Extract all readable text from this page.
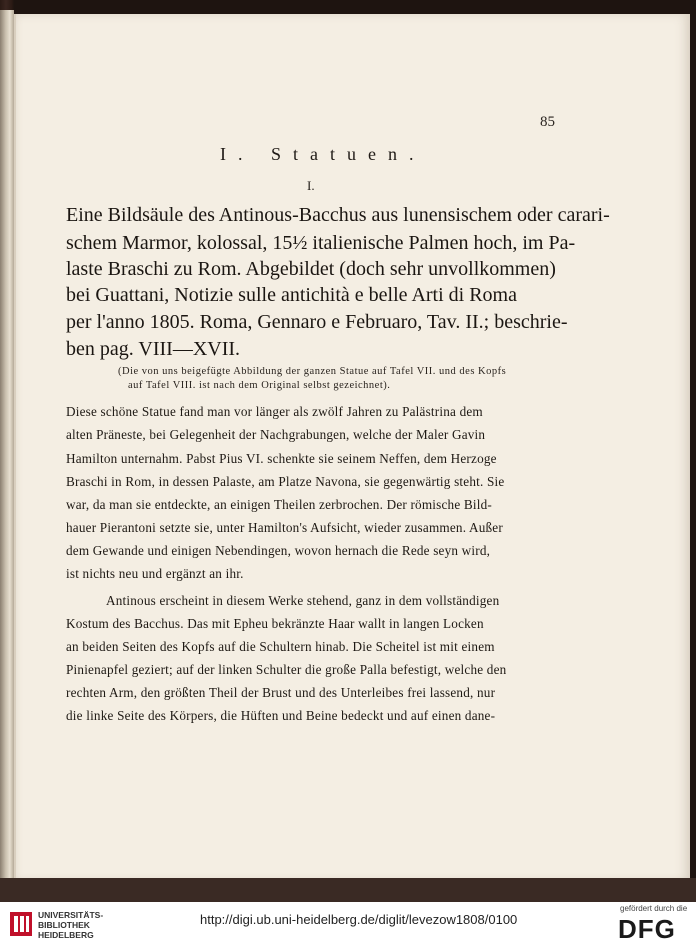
85
I. Statuen.
I.
Eine Bildsäule des Antinous-Bacchus aus lunensischem oder carari-
schem Marmor, kolossal, 15½ italienische Palmen hoch, im Pa-
laste Braschi zu Rom. Abgebildet (doch sehr unvollkommen)
bei Guattani, Notizie sulle antichità e belle Arti di Roma
per l'anno 1805. Roma, Gennaro e Februaro, Tav. II.; beschrie-
ben pag. VIII—XVII.
(Die von uns beigefügte Abbildung der ganzen Statue auf Tafel VII. und des Kopfs
auf Tafel VIII. ist nach dem Original selbst gezeichnet).
Diese schöne Statue fand man vor länger als zwölf Jahren zu Palästrina dem
alten Präneste, bei Gelegenheit der Nachgrabungen, welche der Maler Gavin
Hamilton unternahm. Pabst Pius VI. schenkte sie seinem Neffen, dem Herzoge
Braschi in Rom, in dessen Palaste, am Platze Navona, sie gegenwärtig steht. Sie
war, da man sie entdeckte, an einigen Theilen zerbrochen. Der römische Bild-
hauer Pierantoni setzte sie, unter Hamilton's Aufsicht, wieder zusammen. Außer
dem Gewande und einigen Nebendingen, wovon hernach die Rede seyn wird,
ist nichts neu und ergänzt an ihr.
Antinous erscheint in diesem Werke stehend, ganz in dem vollständigen
Kostum des Bacchus. Das mit Epheu bekränzte Haar wallt in langen Locken
an beiden Seiten des Kopfs auf die Schultern hinab. Die Scheitel ist mit einem
Pinienapfel geziert; auf der linken Schulter die große Palla befestigt, welche den
rechten Arm, den größten Theil der Brust und des Unterleibes frei lassend, nur
die linke Seite des Körpers, die Hüften und Beine bedeckt und auf einen dane-
UNIVERSITÄTS-
BIBLIOTHEK
HEIDELBERG
http://digi.ub.uni-heidelberg.de/diglit/levezow1808/0100
gefördert durch die
DFG
